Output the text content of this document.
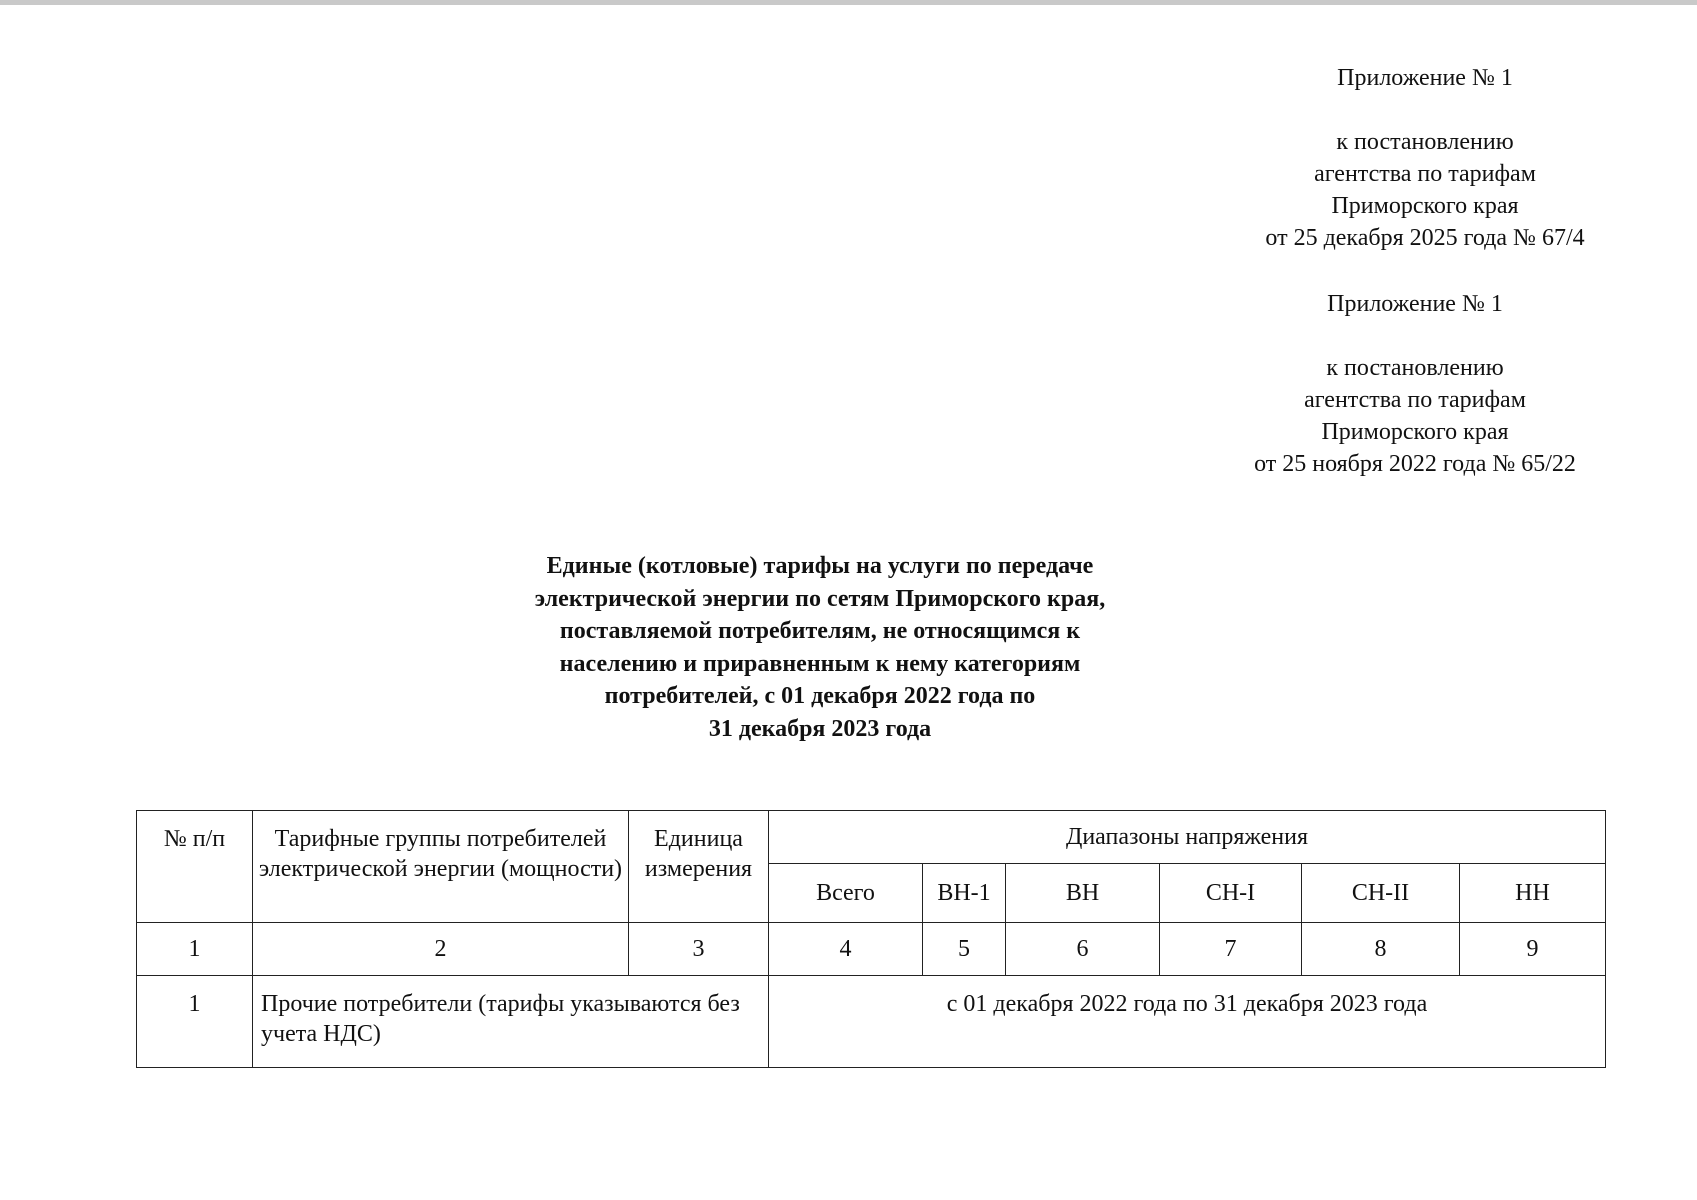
Приложение № 1
к постановлению
агентства по тарифам
Приморского края
от 25 декабря 2025 года № 67/4
Приложение № 1
к постановлению
агентства по тарифам
Приморского края
от 25 ноября 2022 года № 65/22
Единые (котловые) тарифы на услуги по передаче
электрической энергии по сетям Приморского края,
поставляемой потребителям, не относящимся к
населению и приравненным к нему категориям
потребителей, с 01 декабря 2022 года по
31 декабря 2023 года
№ п/п	Тарифные группы потребителей электрической энергии (мощности)	Единица измерения	Диапазоны напряжения					
			Всего	ВН-1	ВН	СН-I	СН-II	НН
1	2	3	4	5	6	7	8	9
1	Прочие потребители (тарифы указываются без учета НДС)		с 01 декабря 2022 года по 31 декабря 2023 года					
